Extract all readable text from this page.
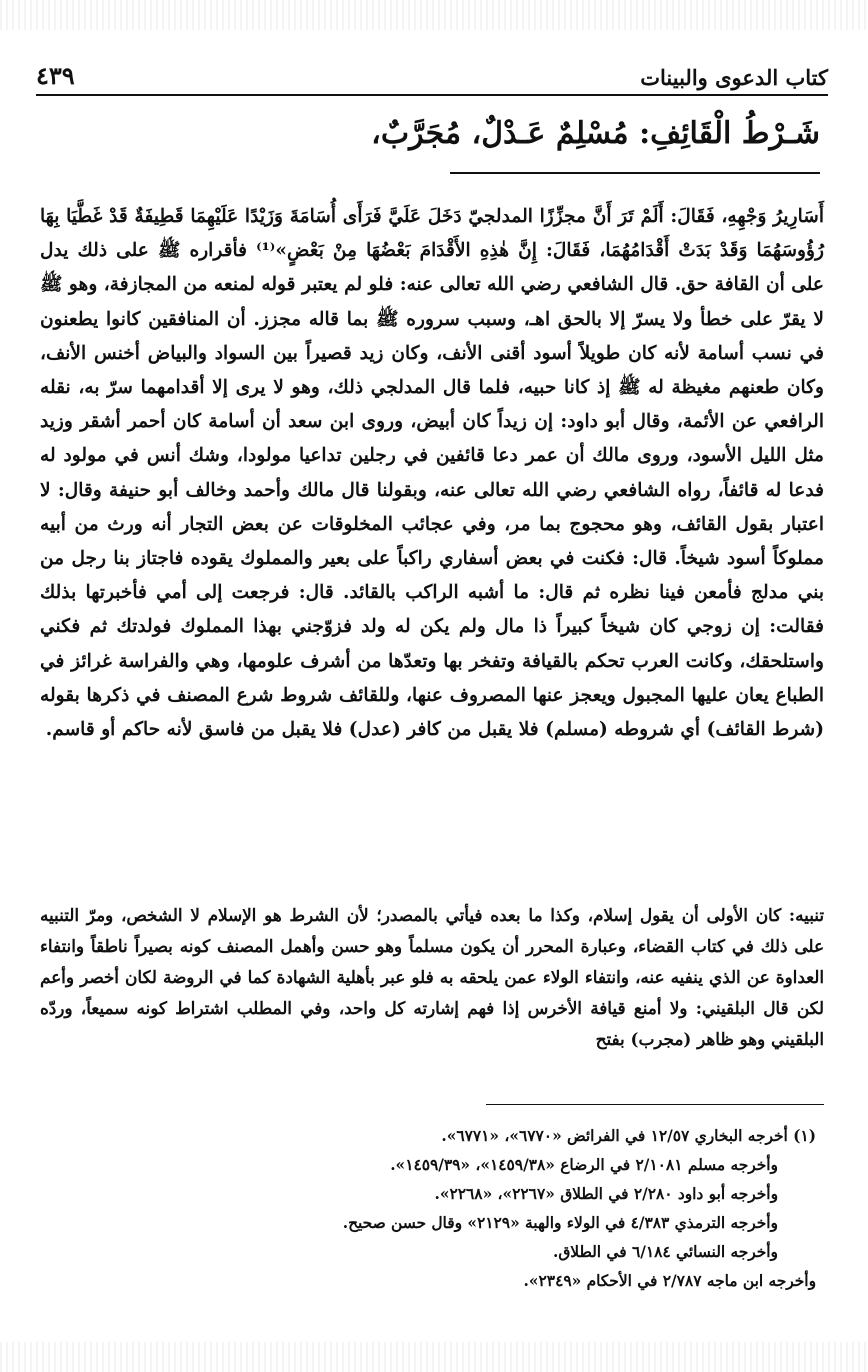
كتاب الدعوى والبينات
٤٣٩
شَـرْطُ الْقَائِفِ: مُسْلِمٌ عَـدْلٌ، مُجَرَّبٌ،

أَسَارِيرُ وَجْهِهِ، فَقَالَ: أَلَمْ تَرَ أَنَّ مجزِّزًا المدلجيّ دَخَلَ عَلَيَّ فَرَأَى أُسَامَةَ وَزَيْدًا عَلَيْهِمَا قَطِيفَةٌ قَدْ غَطَّيَا بِهَا رُؤُوسَهُمَا وَقَدْ بَدَتْ أَقْدَامُهُمَا، فَقَالَ: إِنَّ هٰذِهِ الأَقْدَامَ بَعْضُهَا مِنْ بَعْضٍ»⁽¹⁾ فأقراره ﷺ على ذلك يدل على أن القافة حق. قال الشافعي رضي الله تعالى عنه: فلو لم يعتبر قوله لمنعه من المجازفة، وهو ﷺ لا يقرّ على خطأ ولا يسرّ إلا بالحق اهـ، وسبب سروره ﷺ بما قاله مجزز. أن المنافقين كانوا يطعنون في نسب أسامة لأنه كان طويلاً أسود أقنى الأنف، وكان زيد قصيراً بين السواد والبياض أخنس الأنف، وكان طعنهم مغيظة له ﷺ إذ كانا حبيه، فلما قال المدلجي ذلك، وهو لا يرى إلا أقدامهما سرّ به، نقله الرافعي عن الأئمة، وقال أبو داود: إن زيداً كان أبيض، وروى ابن سعد أن أسامة كان أحمر أشقر وزيد مثل الليل الأسود، وروى مالك أن عمر دعا قائفين في رجلين تداعيا مولودا، وشك أنس في مولود له فدعا له قائفاً، رواه الشافعي رضي الله تعالى عنه، وبقولنا قال مالك وأحمد وخالف أبو حنيفة وقال: لا اعتبار بقول القائف، وهو محجوج بما مر، وفي عجائب المخلوقات عن بعض التجار أنه ورث من أبيه مملوكاً أسود شيخاً. قال: فكنت في بعض أسفاري راكباً على بعير والمملوك يقوده فاجتاز بنا رجل من بني مدلج فأمعن فينا نظره ثم قال: ما أشبه الراكب بالقائد. قال: فرجعت إلى أمي فأخبرتها بذلك فقالت: إن زوجي كان شيخاً كبيراً ذا مال ولم يكن له ولد فزوّجني بهذا المملوك فولدتك ثم فكني واستلحقك، وكانت العرب تحكم بالقيافة وتفخر بها وتعدّها من أشرف علومها، وهي والفراسة غرائز في الطباع يعان عليها المجبول ويعجز عنها المصروف عنها، وللقائف شروط شرع المصنف في ذكرها بقوله (شرط القائف) أي شروطه (مسلم) فلا يقبل من كافر (عدل) فلا يقبل من فاسق لأنه حاكم أو قاسم.

تنبيه: كان الأولى أن يقول إسلام، وكذا ما بعده فيأتي بالمصدر؛ لأن الشرط هو الإسلام لا الشخص، ومرّ التنبيه على ذلك في كتاب القضاء، وعبارة المحرر أن يكون مسلماً وهو حسن وأهمل المصنف كونه بصيراً ناطقاً وانتفاء العداوة عن الذي ينفيه عنه، وانتفاء الولاء عمن يلحقه به فلو عبر بأهلية الشهادة كما في الروضة لكان أخصر وأعم لكن قال البلقيني: ولا أمنع قيافة الأخرس إذا فهم إشارته كل واحد، وفي المطلب اشتراط كونه سميعاً، وردّه البلقيني وهو ظاهر (مجرب) بفتح

(١) أخرجه البخاري ١٢/٥٧ في الفرائض «٦٧٧٠»، «٦٧٧١».
وأخرجه مسلم ٢/١٠٨١ في الرضاع «١٤٥٩/٣٨»، «١٤٥٩/٣٩».
وأخرجه أبو داود ٢/٢٨٠ في الطلاق «٢٢٦٧»، «٢٢٦٨».
وأخرجه الترمذي ٤/٣٨٣ في الولاء والهبة «٢١٢٩» وقال حسن صحيح.
وأخرجه النسائي ٦/١٨٤ في الطلاق.
وأخرجه ابن ماجه ٢/٧٨٧ في الأحكام «٢٣٤٩».
